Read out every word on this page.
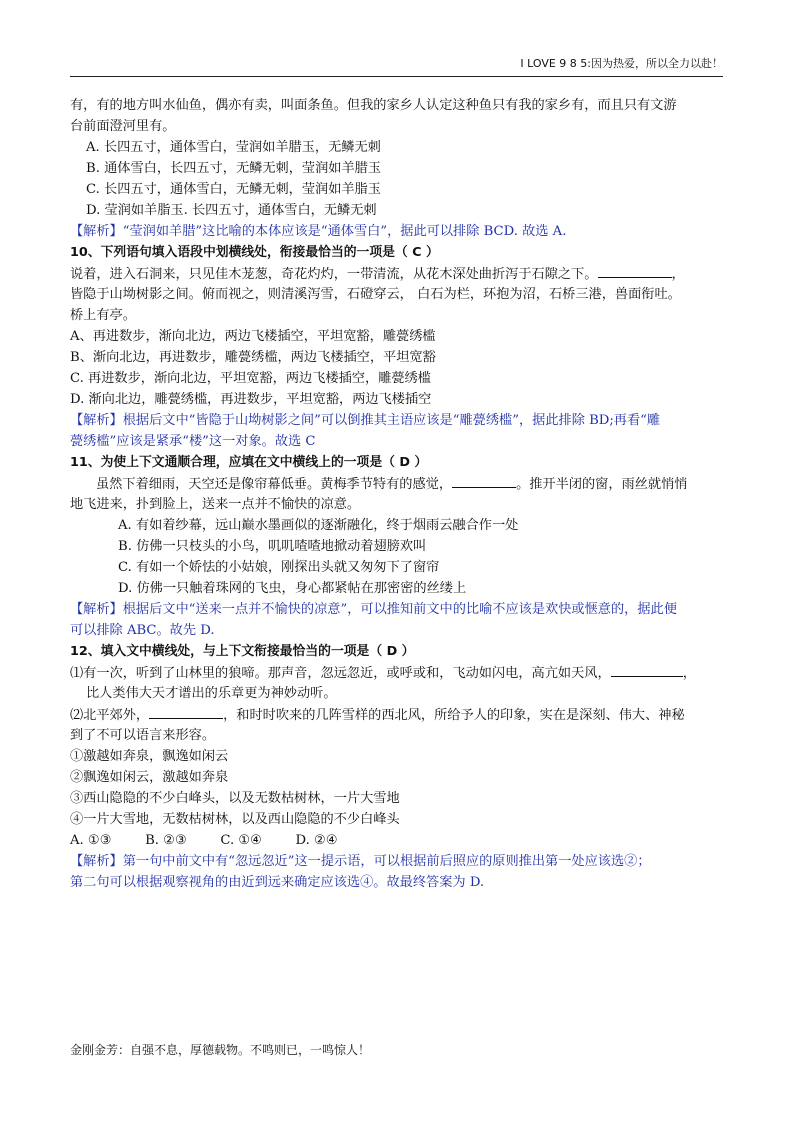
I LOVE 9 8 5:因为热爱，所以全力以赴！
有，有的地方叫水仙鱼，偶亦有卖，叫面条鱼。但我的家乡人认定这种鱼只有我的家乡有，而且只有文游
台前面澄河里有。
A. 长四五寸，通体雪白，莹润如羊腊玉，无鳞无刺
B. 通体雪白，长四五寸，无鳞无刺，莹润如羊腊玉
C. 长四五寸，通体雪白，无鳞无刺，莹润如羊脂玉
D. 莹润如羊脂玉. 长四五寸，通体雪白，无鳞无刺
【解析】“莹润如羊腊”这比喻的本体应该是“通体雪白”，据此可以排除 BCD. 故选 A.
10、下列语句填入语段中划横线处，衔接最恰当的一项是（ C ）
说着，进入石洞来，只见佳木茏葱，奇花灼灼，一带清流，从花木深处曲折泻于石隙之下。	，
皆隐于山坳树影之间。俯而视之，则清溪泻雪，石磴穿云， 白石为栏，环抱为沼，石桥三港，兽面衔吐。
桥上有亭。
A、再进数步，渐向北边，两边飞楼插空，平坦宽豁，雕甍绣槛
B、渐向北边，再进数步，雕甍绣槛，两边飞楼插空，平坦宽豁
C. 再进数步，渐向北边，平坦宽豁，两边飞楼插空，雕甍绣槛
D. 渐向北边，雕甍绣槛，再进数步，平坦宽豁，两边飞楼插空
【解析】根据后文中“皆隐于山坳树影之间”可以倒推其主语应该是“雕甍绣槛”，据此排除 BD;再看“雕
甍绣槛”应该是紧承“楼”这一对象。故选 C
11、为使上下文通顺合理，应填在文中横线上的一项是（ D ）
虽然下着细雨，天空还是像帘幕低垂。黄梅季节特有的感觉，	。推开半闭的窗，雨丝就悄悄
地飞进来，扑到脸上，送来一点并不愉快的凉意。
A. 有如着纱幕，远山巅水墨画似的逐渐融化，终于烟雨云融合作一处
B. 仿佛一只枝头的小鸟，叽叽喳喳地掀动着翅膀欢叫
C. 有如一个娇怯的小姑娘，刚探出头就又匆匆下了窗帘
D. 仿佛一只触着珠网的飞虫，身心都紧帖在那密密的丝缕上
【解析】根据后文中“送来一点并不愉快的凉意”，可以推知前文中的比喻不应该是欢快或惬意的，据此便
可以排除 ABC。故先 D.
12、填入文中横线处，与上下文衔接最恰当的一项是（ D ）
⑴有一次，听到了山林里的狼啼。那声音，忽远忽近，或呼或和，飞动如闪电，高亢如天风，	，
比人类伟大天才谱出的乐章更为神妙动听。
⑵北平郊外，	，和时时吹来的几阵雪样的西北风，所给予人的印象，实在是深刻、伟大、神秘
到了不可以语言来形容。
①激越如奔泉，飘逸如闲云
②飘逸如闲云，激越如奔泉
③西山隐隐的不少白峰头，以及无数枯树林，一片大雪地
④一片大雪地，无数枯树林，以及西山隐隐的不少白峰头
A. ①③        B. ②③        C. ①④        D. ②④
【解析】第一句中前文中有“忽远忽近”这一提示语，可以根据前后照应的原则推出第一处应该选②；
第二句可以根据观察视角的由近到远来确定应该选④。故最终答案为 D.
金刚金芳：自强不息，厚德载物。不鸣则已，一鸣惊人！
